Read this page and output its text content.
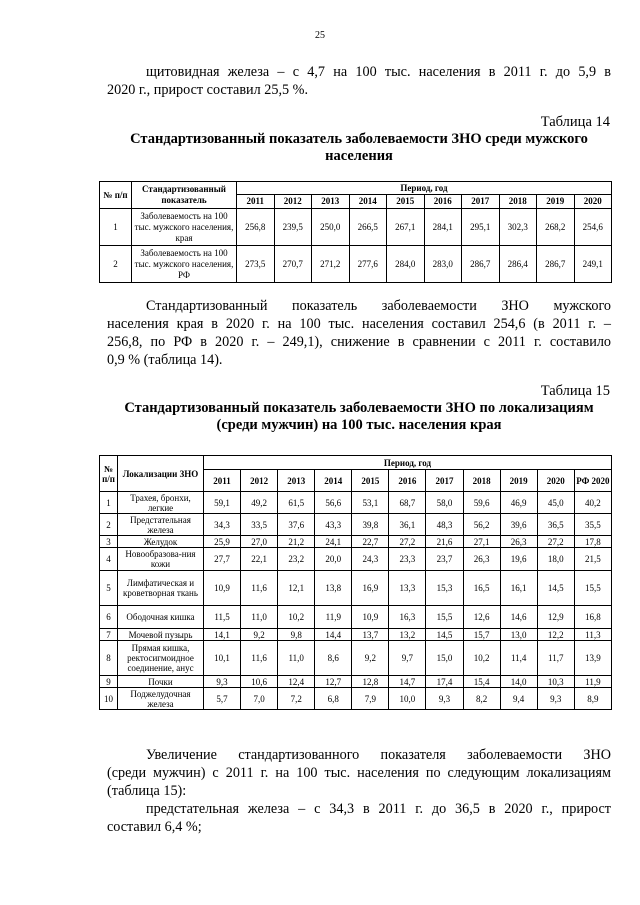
25
щитовидная железа – с 4,7 на 100 тыс. населения в 2011 г. до 5,9 в
2020 г., прирост составил 25,5 %.
Таблица 14
Стандартизованный показатель заболеваемости ЗНО среди мужского населения
№ п/п	Стандартизованный показатель	Период, год									
		2011	2012	2013	2014	2015	2016	2017	2018	2019	2020
1	Заболеваемость на 100 тыс. мужского населения, края	256,8	239,5	250,0	266,5	267,1	284,1	295,1	302,3	268,2	254,6
2	Заболеваемость на 100 тыс. мужского населения, РФ	273,5	270,7	271,2	277,6	284,0	283,0	286,7	286,4	286,7	249,1
Стандартизованный показатель заболеваемости ЗНО мужского
населения края в 2020 г. на 100 тыс. населения составил 254,6 (в 2011 г. –
256,8, по РФ в 2020 г. – 249,1), снижение в сравнении с 2011 г. составило
0,9 % (таблица 14).
Таблица 15
Стандартизованный показатель заболеваемости ЗНО по локализациям
(среди мужчин) на 100 тыс. населения края
№ п/п	Локализации ЗНО	Период, год										
		2011	2012	2013	2014	2015	2016	2017	2018	2019	2020	РФ 2020
1	Трахея, бронхи, легкие	59,1	49,2	61,5	56,6	53,1	68,7	58,0	59,6	46,9	45,0	40,2
2	Предстательная железа	34,3	33,5	37,6	43,3	39,8	36,1	48,3	56,2	39,6	36,5	35,5
3	Желудок	25,9	27,0	21,2	24,1	22,7	27,2	21,6	27,1	26,3	27,2	17,8
4	Новообразова-ния кожи	27,7	22,1	23,2	20,0	24,3	23,3	23,7	26,3	19,6	18,0	21,5
5	Лимфатическая и кроветворная ткань	10,9	11,6	12,1	13,8	16,9	13,3	15,3	16,5	16,1	14,5	15,5
6	Ободочная кишка	11,5	11,0	10,2	11,9	10,9	16,3	15,5	12,6	14,6	12,9	16,8
7	Мочевой пузырь	14,1	9,2	9,8	14,4	13,7	13,2	14,5	15,7	13,0	12,2	11,3
8	Прямая кишка, ректосигмоидное соединение, анус	10,1	11,6	11,0	8,6	9,2	9,7	15,0	10,2	11,4	11,7	13,9
9	Почки	9,3	10,6	12,4	12,7	12,8	14,7	17,4	15,4	14,0	10,3	11,9
10	Поджелудочная железа	5,7	7,0	7,2	6,8	7,9	10,0	9,3	8,2	9,4	9,3	8,9
Увеличение стандартизованного показателя заболеваемости ЗНО
(среди мужчин) с 2011 г. на 100 тыс. населения по следующим локализациям
(таблица 15):
предстательная железа – с 34,3 в 2011 г. до 36,5 в 2020 г., прирост
составил 6,4 %;
